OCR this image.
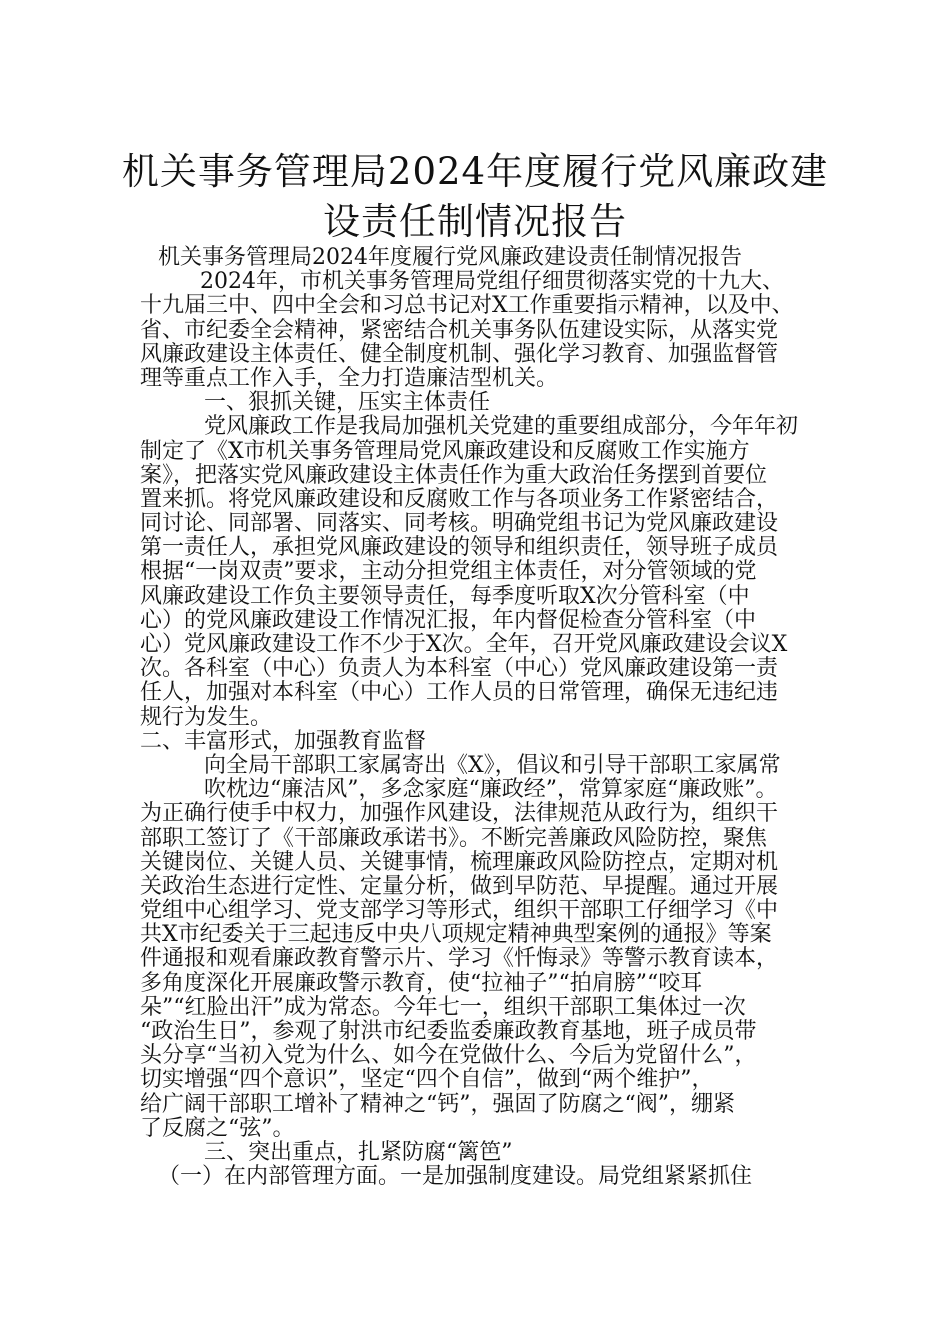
机关事务管理局2024年度履行党风廉政建
设责任制情况报告
机关事务管理局2024年度履行党风廉政建设责任制情况报告
2024年，市机关事务管理局党组仔细贯彻落实党的十九大、
十九届三中、四中全会和习总书记对X工作重要指示精神，以及中、
省、市纪委全会精神，紧密结合机关事务队伍建设实际，从落实党
风廉政建设主体责任、健全制度机制、强化学习教育、加强监督管
理等重点工作入手，全力打造廉洁型机关。
一、狠抓关键，压实主体责任
党风廉政工作是我局加强机关党建的重要组成部分，今年年初
制定了《X市机关事务管理局党风廉政建设和反腐败工作实施方
案》，把落实党风廉政建设主体责任作为重大政治任务摆到首要位
置来抓。将党风廉政建设和反腐败工作与各项业务工作紧密结合，
同讨论、同部署、同落实、同考核。明确党组书记为党风廉政建设
第一责任人，承担党风廉政建设的领导和组织责任，领导班子成员
根据“一岗双责”要求，主动分担党组主体责任，对分管领域的党
风廉政建设工作负主要领导责任，每季度听取X次分管科室（中
心）的党风廉政建设工作情况汇报，年内督促检查分管科室（中
心）党风廉政建设工作不少于X次。全年，召开党风廉政建设会议X
次。各科室（中心）负责人为本科室（中心）党风廉政建设第一责
任人，加强对本科室（中心）工作人员的日常管理，确保无违纪违
规行为发生。
二、丰富形式，加强教育监督
向全局干部职工家属寄出《X》，倡议和引导干部职工家属常
吹枕边“廉洁风”，多念家庭“廉政经”，常算家庭“廉政账”。
为正确行使手中权力，加强作风建设，法律规范从政行为，组织干
部职工签订了《干部廉政承诺书》。不断完善廉政风险防控，聚焦
关键岗位、关键人员、关键事情，梳理廉政风险防控点，定期对机
关政治生态进行定性、定量分析，做到早防范、早提醒。通过开展
党组中心组学习、党支部学习等形式，组织干部职工仔细学习《中
共X市纪委关于三起违反中央八项规定精神典型案例的通报》等案
件通报和观看廉政教育警示片、学习《忏悔录》等警示教育读本，
多角度深化开展廉政警示教育，使“拉袖子”“拍肩膀”“咬耳
朵”“红脸出汗”成为常态。今年七一，组织干部职工集体过一次
“政治生日”，参观了射洪市纪委监委廉政教育基地，班子成员带
头分享“当初入党为什么、如今在党做什么、今后为党留什么”，
切实增强“四个意识”，坚定“四个自信”，做到“两个维护”，
给广阔干部职工增补了精神之“钙”，强固了防腐之“阀”，绷紧
了反腐之“弦”。
三、突出重点，扎紧防腐“篱笆”
（一）在内部管理方面。一是加强制度建设。局党组紧紧抓住
